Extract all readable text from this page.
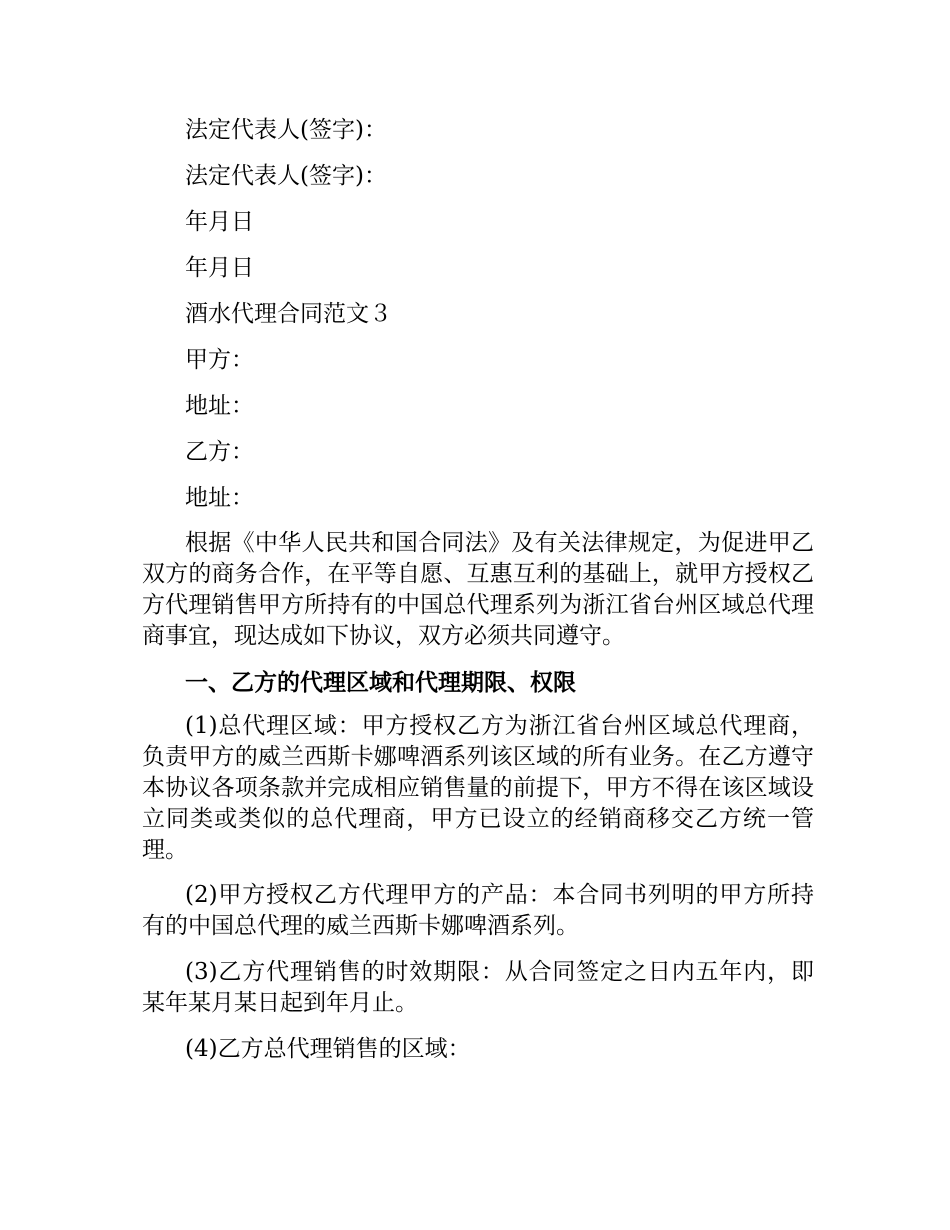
法定代表人(签字)：
法定代表人(签字)：
年月日
年月日
酒水代理合同范文３
甲方：
地址：
乙方：
地址：
根据《中华人民共和国合同法》及有关法律规定，为促进甲乙双方的商务合作，在平等自愿、互惠互利的基础上，就甲方授权乙方代理销售甲方所持有的中国总代理系列为浙江省台州区域总代理商事宜，现达成如下协议，双方必须共同遵守。
一、乙方的代理区域和代理期限、权限
(1)总代理区域：甲方授权乙方为浙江省台州区域总代理商，负责甲方的威兰西斯卡娜啤酒系列该区域的所有业务。在乙方遵守本协议各项条款并完成相应销售量的前提下，甲方不得在该区域设立同类或类似的总代理商，甲方已设立的经销商移交乙方统一管理。
(2)甲方授权乙方代理甲方的产品：本合同书列明的甲方所持有的中国总代理的威兰西斯卡娜啤酒系列。
(3)乙方代理销售的时效期限：从合同签定之日内五年内，即某年某月某日起到年月止。
(4)乙方总代理销售的区域：
